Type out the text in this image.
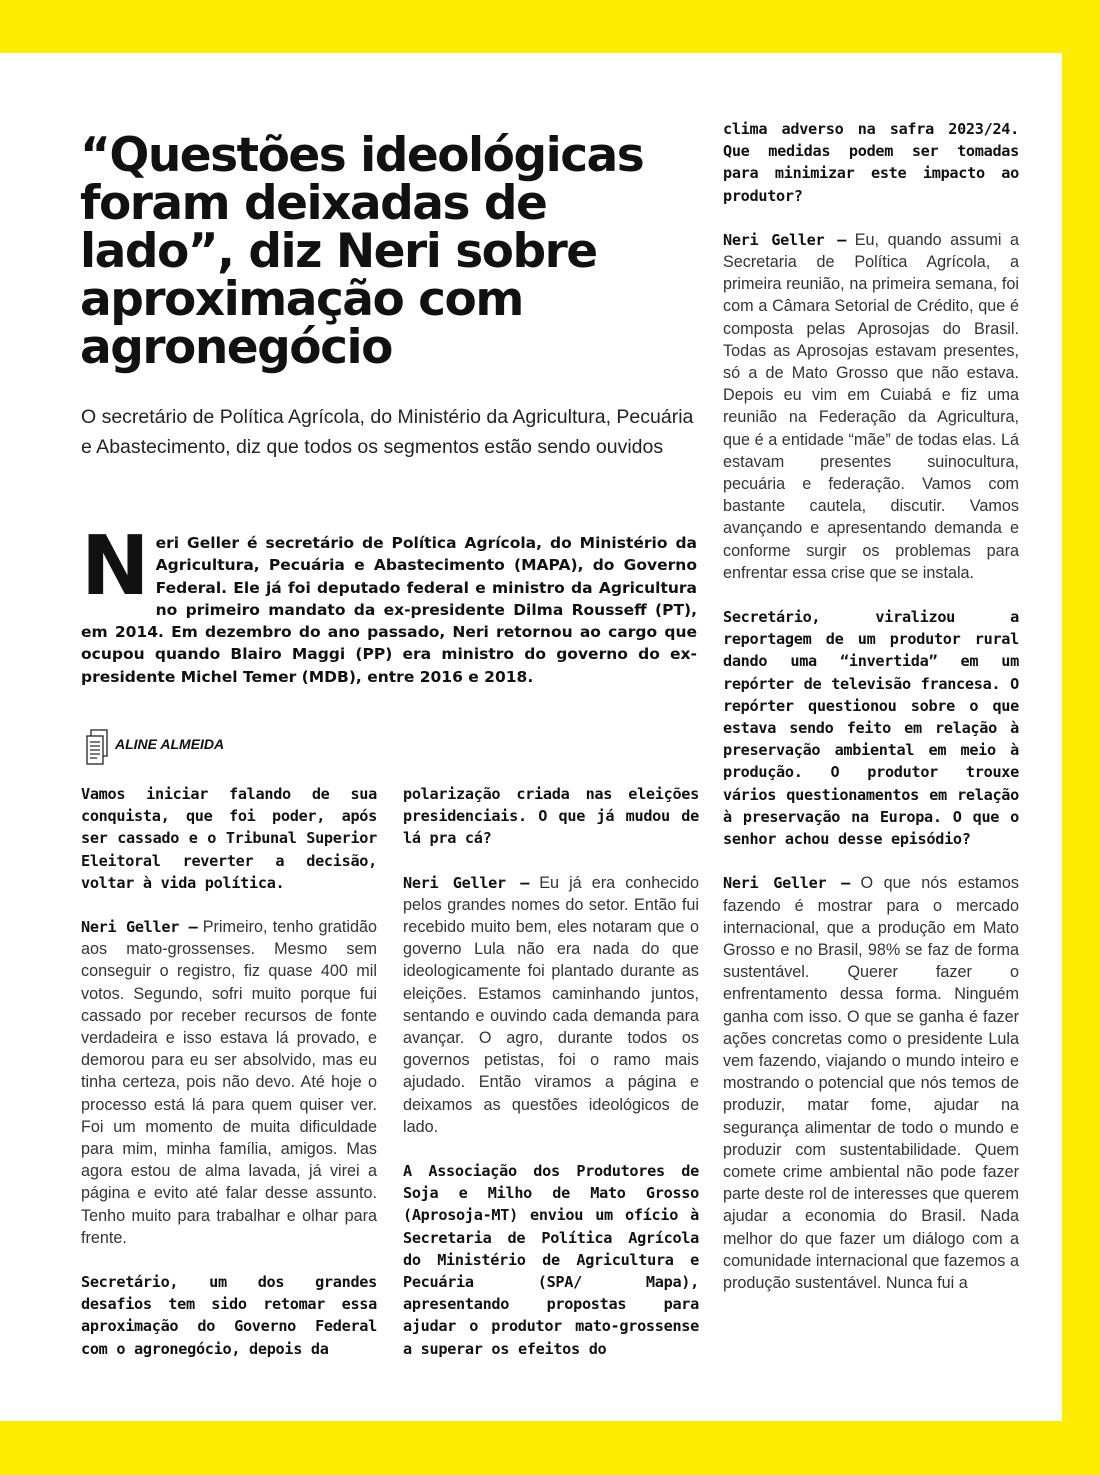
“Questões ideológicas foram deixadas de lado”, diz Neri sobre aproximação com agronegócio

O secretário de Política Agrícola, do Ministério da Agricultura, Pecuária e Abastecimento, diz que todos os segmentos estão sendo ouvidos

Neri Geller é secretário de Política Agrícola, do Ministério da Agricultura, Pecuária e Abastecimento (MAPA), do Governo Federal. Ele já foi deputado federal e ministro da Agricultura no primeiro mandato da ex-presidente Dilma Rousseff (PT), em 2014. Em dezembro do ano passado, Neri retornou ao cargo que ocupou quando Blairo Maggi (PP) era ministro do governo do ex-presidente Michel Temer (MDB), entre 2016 e 2018.

ALINE ALMEIDA

Vamos iniciar falando de sua conquista, que foi poder, após ser cassado e o Tribunal Superior Eleitoral reverter a decisão, voltar à vida política.

Neri Geller – Primeiro, tenho gratidão aos mato-grossenses. Mesmo sem conseguir o registro, fiz quase 400 mil votos. Segundo, sofri muito porque fui cassado por receber recursos de fonte verdadeira e isso estava lá provado, e demorou para eu ser absolvido, mas eu tinha certeza, pois não devo. Até hoje o processo está lá para quem quiser ver. Foi um momento de muita dificuldade para mim, minha família, amigos. Mas agora estou de alma lavada, já virei a página e evito até falar desse assunto. Tenho muito para trabalhar e olhar para frente.

Secretário, um dos grandes desafios tem sido retomar essa aproximação do Governo Federal com o agronegócio, depois da

polarização criada nas eleições presidenciais. O que já mudou de lá pra cá?

Neri Geller – Eu já era conhecido pelos grandes nomes do setor. Então fui recebido muito bem, eles notaram que o governo Lula não era nada do que ideologicamente foi plantado durante as eleições. Estamos caminhando juntos, sentando e ouvindo cada demanda para avançar. O agro, durante todos os governos petistas, foi o ramo mais ajudado. Então viramos a página e deixamos as questões ideológicos de lado.

A Associação dos Produtores de Soja e Milho de Mato Grosso (Aprosoja-MT) enviou um ofício à Secretaria de Política Agrícola do Ministério de Agricultura e Pecuária (SPA/ Mapa), apresentando propostas para ajudar o produtor mato-grossense a superar os efeitos do

clima adverso na safra 2023/24. Que medidas podem ser tomadas para minimizar este impacto ao produtor?

Neri Geller – Eu, quando assumi a Secretaria de Política Agrícola, a primeira reunião, na primeira semana, foi com a Câmara Setorial de Crédito, que é composta pelas Aprosojas do Brasil. Todas as Aprosojas estavam presentes, só a de Mato Grosso que não estava. Depois eu vim em Cuiabá e fiz uma reunião na Federação da Agricultura, que é a entidade “mãe” de todas elas. Lá estavam presentes suinocultura, pecuária e federação. Vamos com bastante cautela, discutir. Vamos avançando e apresentando demanda e conforme surgir os problemas para enfrentar essa crise que se instala.

Secretário, viralizou a reportagem de um produtor rural dando uma “invertida” em um repórter de televisão francesa. O repórter questionou sobre o que estava sendo feito em relação à preservação ambiental em meio à produção. O produtor trouxe vários questionamentos em relação à preservação na Europa. O que o senhor achou desse episódio?

Neri Geller – O que nós estamos fazendo é mostrar para o mercado internacional, que a produção em Mato Grosso e no Brasil, 98% se faz de forma sustentável. Querer fazer o enfrentamento dessa forma. Ninguém ganha com isso. O que se ganha é fazer ações concretas como o presidente Lula vem fazendo, viajando o mundo inteiro e mostrando o potencial que nós temos de produzir, matar fome, ajudar na segurança alimentar de todo o mundo e produzir com sustentabilidade. Quem comete crime ambiental não pode fazer parte deste rol de interesses que querem ajudar a economia do Brasil. Nada melhor do que fazer um diálogo com a comunidade internacional que fazemos a produção sustentável. Nunca fui a
